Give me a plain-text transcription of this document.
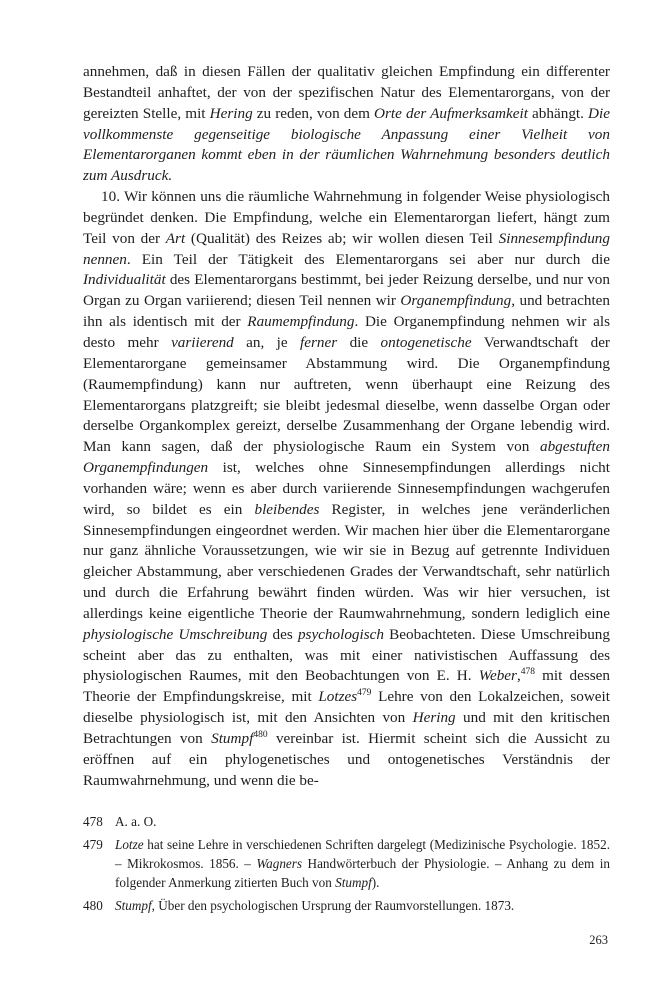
annehmen, daß in diesen Fällen der qualitativ gleichen Empfindung ein differenter Bestandteil anhaftet, der von der spezifischen Natur des Elementarorgans, von der gereizten Stelle, mit Hering zu reden, von dem Orte der Aufmerksamkeit abhängt. Die vollkommenste gegenseitige biologische Anpassung einer Vielheit von Elementarorganen kommt eben in der räumlichen Wahrnehmung besonders deutlich zum Ausdruck.

10. Wir können uns die räumliche Wahrnehmung in folgender Weise physiologisch begründet denken. Die Empfindung, welche ein Elementarorgan liefert, hängt zum Teil von der Art (Qualität) des Reizes ab; wir wollen diesen Teil Sinnesempfindung nennen. Ein Teil der Tätigkeit des Elementarorgans sei aber nur durch die Individualität des Elementarorgans bestimmt, bei jeder Reizung derselbe, und nur von Organ zu Organ variierend; diesen Teil nennen wir Organempfindung, und betrachten ihn als identisch mit der Raumempfindung. Die Organempfindung nehmen wir als desto mehr variierend an, je ferner die ontogenetische Verwandtschaft der Elementarorgane gemeinsamer Abstammung wird. Die Organempfindung (Raumempfindung) kann nur auftreten, wenn überhaupt eine Reizung des Elementarorgans platzgreift; sie bleibt jedesmal dieselbe, wenn dasselbe Organ oder derselbe Organkomplex gereizt, derselbe Zusammenhang der Organe lebendig wird. Man kann sagen, daß der physiologische Raum ein System von abgestuften Organempfindungen ist, welches ohne Sinnesempfindungen allerdings nicht vorhanden wäre; wenn es aber durch variierende Sinnesempfindungen wachgerufen wird, so bildet es ein bleibendes Register, in welches jene veränderlichen Sinnesempfindungen eingeordnet werden. Wir machen hier über die Elementarorgane nur ganz ähnliche Voraussetzungen, wie wir sie in Bezug auf getrennte Individuen gleicher Abstammung, aber verschiedenen Grades der Verwandtschaft, sehr natürlich und durch die Erfahrung bewährt finden würden. Was wir hier versuchen, ist allerdings keine eigentliche Theorie der Raumwahrnehmung, sondern lediglich eine physiologische Umschreibung des psychologisch Beobachteten. Diese Umschreibung scheint aber das zu enthalten, was mit einer nativistischen Auffassung des physiologischen Raumes, mit den Beobachtungen von E. H. Weber,$^{478}$ mit dessen Theorie der Empfindungskreise, mit Lotzes$^{479}$ Lehre von den Lokalzeichen, soweit dieselbe physiologisch ist, mit den Ansichten von Hering und mit den kritischen Betrachtungen von Stumpf$^{480}$ vereinbar ist. Hiermit scheint sich die Aussicht zu eröffnen auf ein phylogenetisches und ontogenetisches Verständnis der Raumwahrnehmung, und wenn die be-

478 A. a. O.
479 Lotze hat seine Lehre in verschiedenen Schriften dargelegt (Medizinische Psychologie. 1852. – Mikrokosmos. 1856. – Wagners Handwörterbuch der Physiologie. – Anhang zu dem in folgender Anmerkung zitierten Buch von Stumpf).
480 Stumpf, Über den psychologischen Ursprung der Raumvorstellungen. 1873.
263
